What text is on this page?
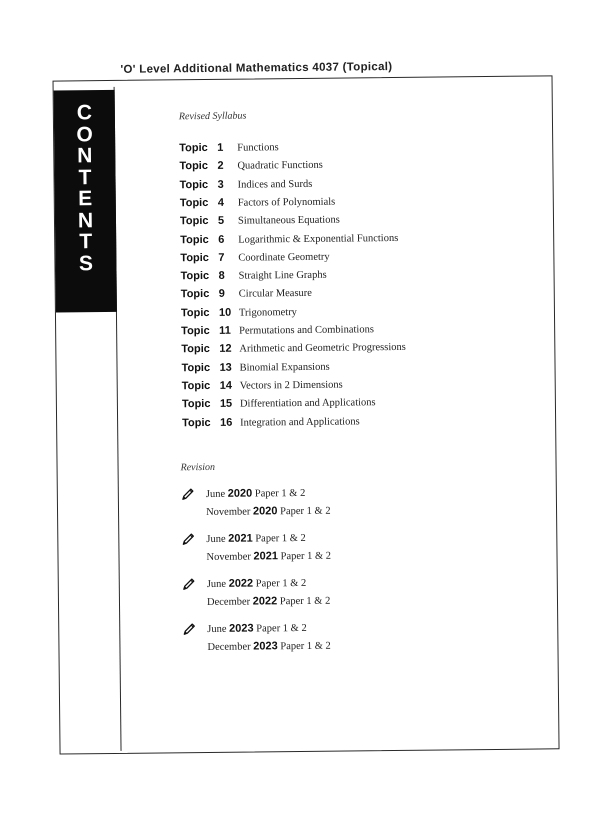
'O' Level Additional Mathematics 4037 (Topical)
C
O
N
T
E
N
T
S
Revised Syllabus
Topic 1	Functions
Topic 2	Quadratic Functions
Topic 3	Indices and Surds
Topic 4	Factors of Polynomials
Topic 5	Simultaneous Equations
Topic 6	Logarithmic & Exponential Functions
Topic 7	Coordinate Geometry
Topic 8	Straight Line Graphs
Topic 9	Circular Measure
Topic 10 Trigonometry
Topic 11 Permutations and Combinations
Topic 12 Arithmetic and Geometric Progressions
Topic 13 Binomial Expansions
Topic 14 Vectors in 2 Dimensions
Topic 15 Differentiation and Applications
Topic 16 Integration and Applications
Revision
June 2020 Paper 1 & 2
November 2020 Paper 1 & 2
June 2021 Paper 1 & 2
November 2021 Paper 1 & 2
June 2022 Paper 1 & 2
December 2022 Paper 1 & 2
June 2023 Paper 1 & 2
December 2023 Paper 1 & 2
